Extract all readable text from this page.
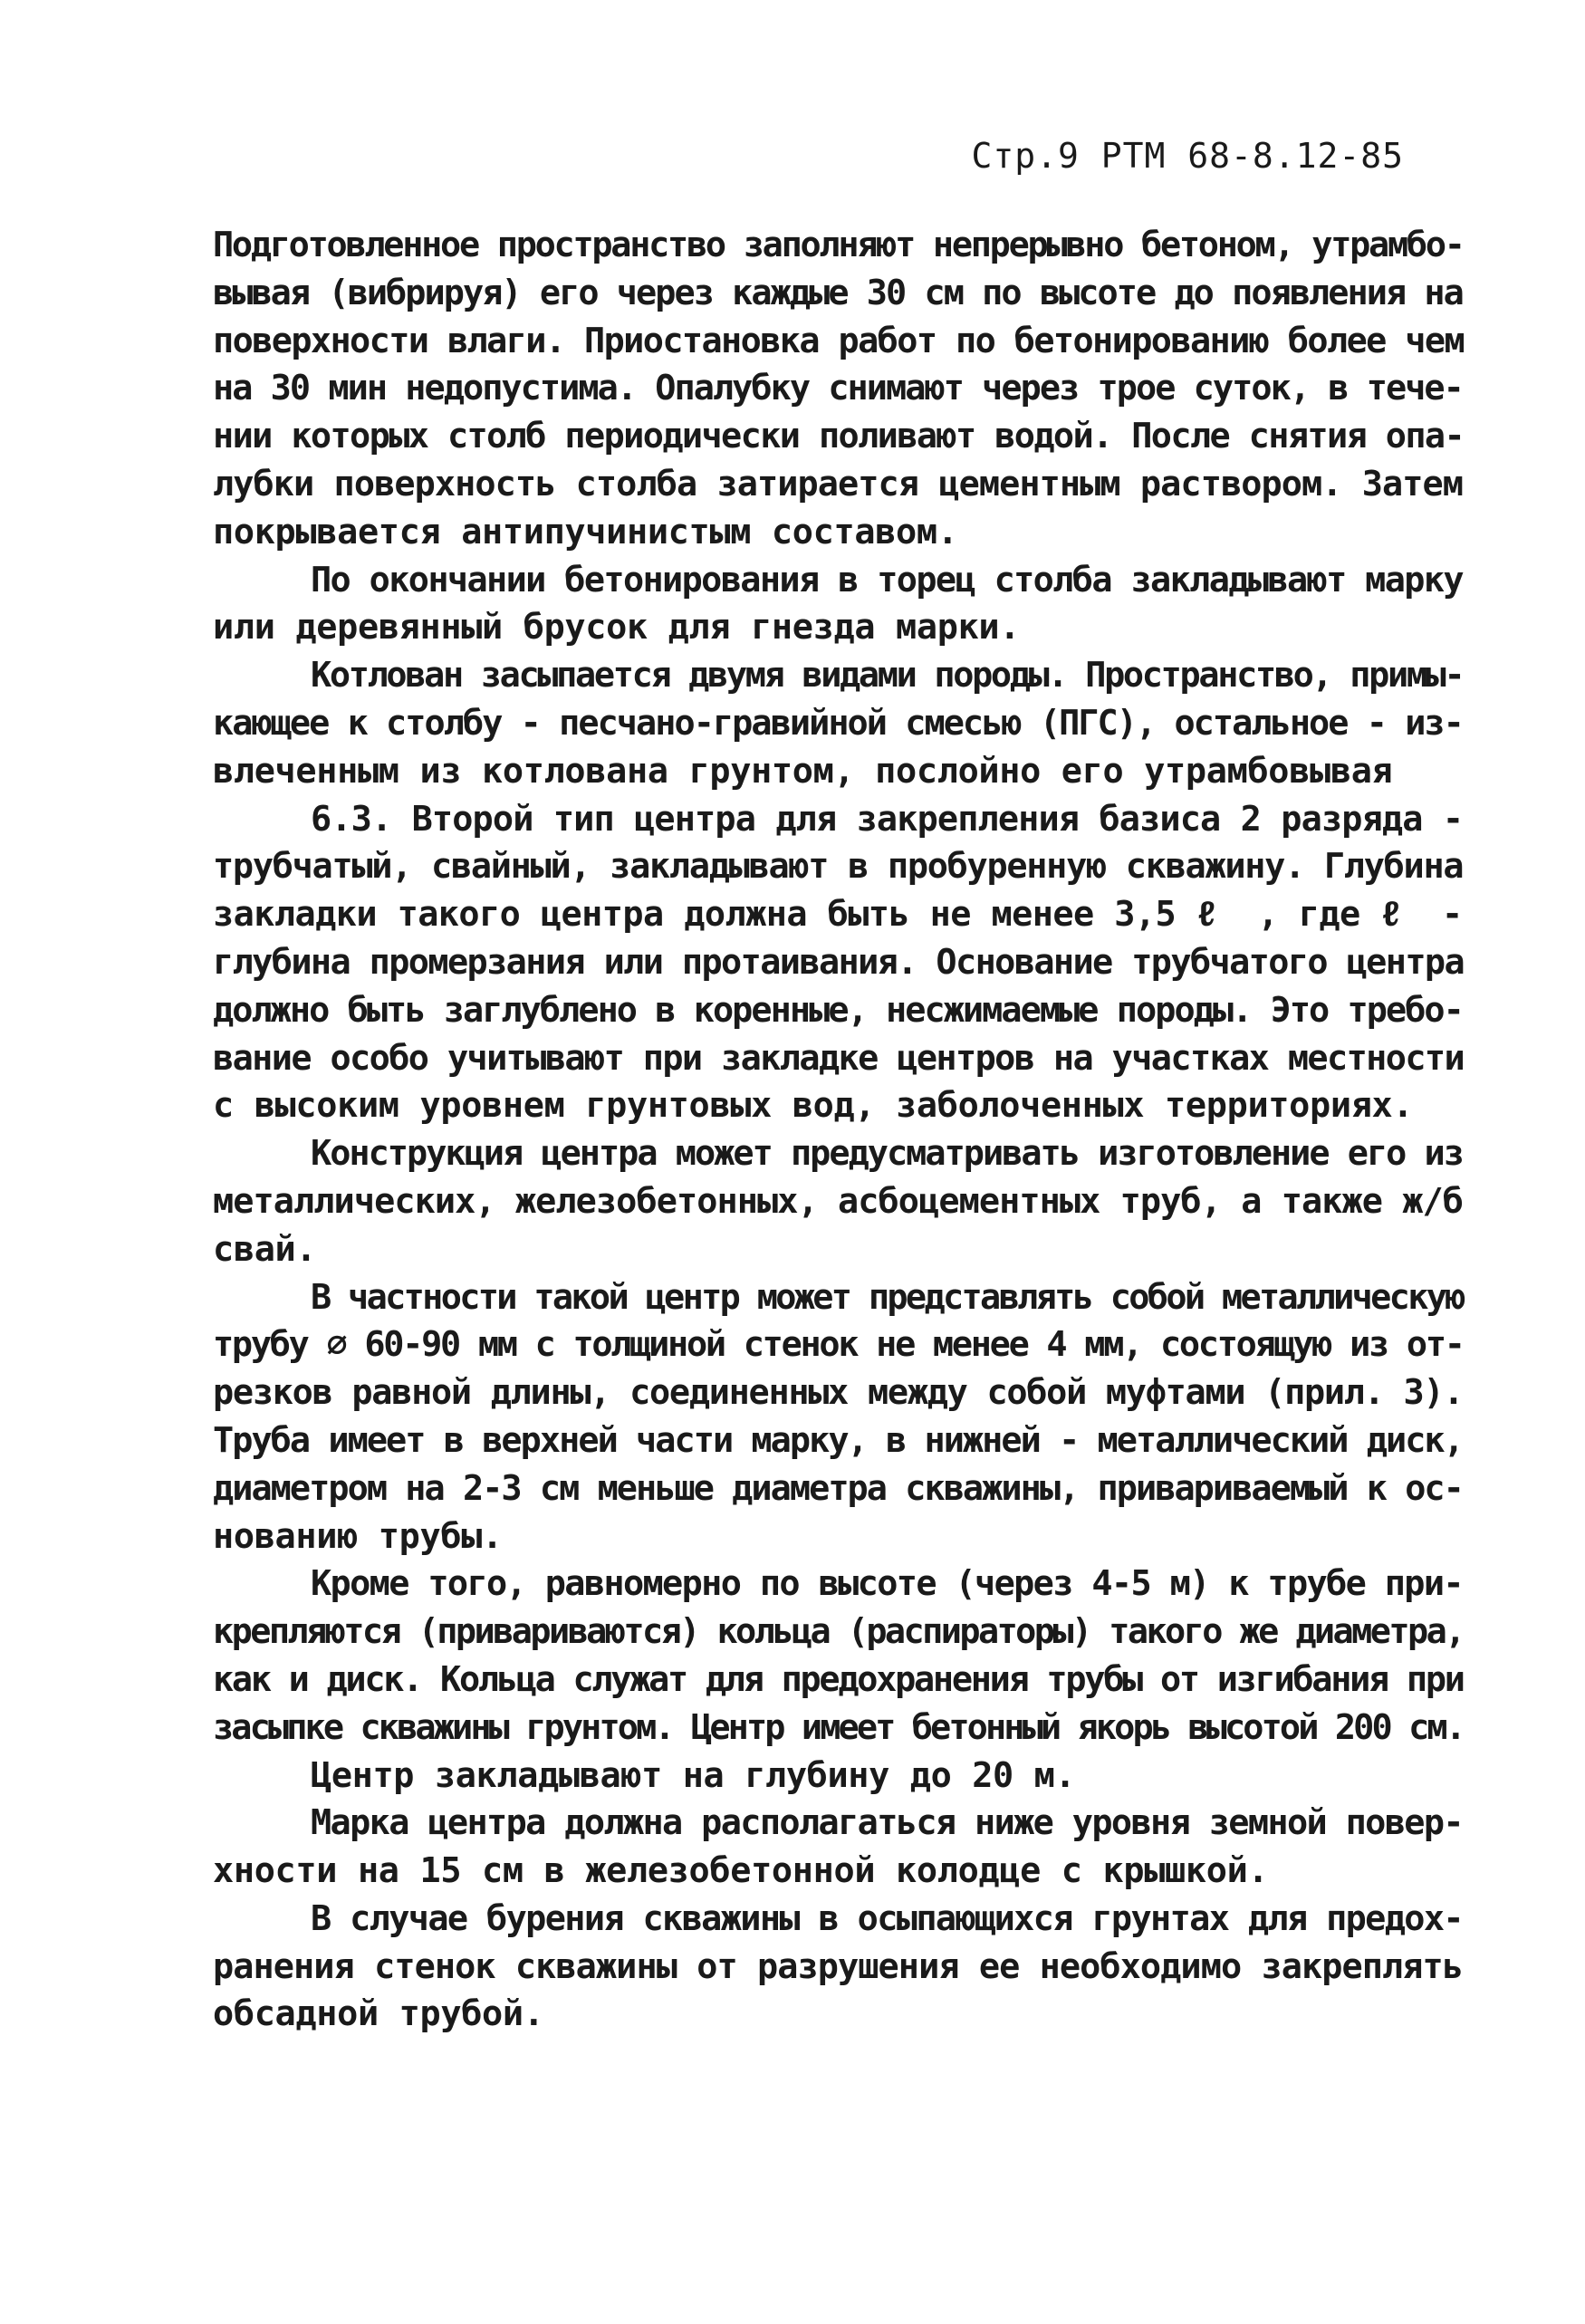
Стр.9 РТМ 68-8.12-85
Подготовленное пространство заполняют непрерывно бетоном, утрамбо-
вывая (вибрируя) его через каждые 30 см по высоте до появления на
поверхности влаги. Приостановка работ по бетонированию более чем
на 30 мин недопустима. Опалубку снимают через трое суток, в тече-
нии которых столб периодически поливают водой. После снятия опа-
лубки поверхность столба затирается цементным раствором. Затем
покрывается антипучинистым составом.
По окончании бетонирования в торец столба закладывают марку
или деревянный брусок для гнезда марки.
Котлован засыпается двумя видами породы. Пространство, примы-
кающее к столбу - песчано-гравийной смесью (ПГС), остальное - из-
влеченным из котлована грунтом, послойно его утрамбовывая
6.3. Второй тип центра для закрепления базиса 2 разряда -
трубчатый, свайный, закладывают в пробуренную скважину. Глубина
закладки такого центра должна быть не менее 3,5 ℓ  , где ℓ  -
глубина промерзания или протаивания. Основание трубчатого центра
должно быть заглублено в коренные, несжимаемые породы. Это требо-
вание особо учитывают при закладке центров на участках местности
с высоким уровнем грунтовых вод, заболоченных территориях.
Конструкция центра может предусматривать изготовление его из
металлических, железобетонных, асбоцементных труб, а также ж/б
свай.
В частности такой центр может представлять собой металлическую
трубу ∅ 60-90 мм с толщиной стенок не менее 4 мм, состоящую из от-
резков равной длины, соединенных между собой муфтами (прил. 3).
Труба имеет в верхней части марку, в нижней - металлический диск,
диаметром на 2-3 см меньше диаметра скважины, привариваемый к ос-
нованию трубы.
Кроме того, равномерно по высоте (через 4-5 м) к трубе при-
крепляются (привариваются) кольца (распираторы) такого же диаметра,
как и диск. Кольца служат для предохранения трубы от изгибания при
засыпке скважины грунтом. Центр имеет бетонный якорь высотой 200 см.
Центр закладывают на глубину до 20 м.
Марка центра должна располагаться ниже уровня земной повер-
хности на 15 см в железобетонной колодце с крышкой.
В случае бурения скважины в осыпающихся грунтах для предох-
ранения стенок скважины от разрушения ее необходимо закреплять
обсадной трубой.
